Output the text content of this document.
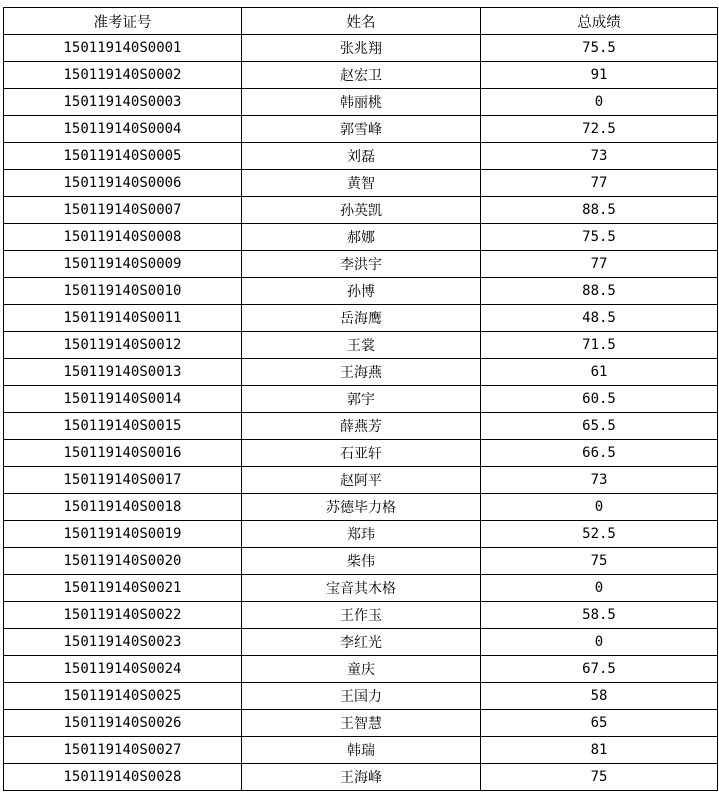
准考证号	姓名	总成绩
150119140S0001	张兆翔	75.5
150119140S0002	赵宏卫	91
150119140S0003	韩丽桃	0
150119140S0004	郭雪峰	72.5
150119140S0005	刘磊	73
150119140S0006	黄智	77
150119140S0007	孙英凯	88.5
150119140S0008	郝娜	75.5
150119140S0009	李洪宇	77
150119140S0010	孙博	88.5
150119140S0011	岳海鹰	48.5
150119140S0012	王裳	71.5
150119140S0013	王海燕	61
150119140S0014	郭宇	60.5
150119140S0015	薛燕芳	65.5
150119140S0016	石亚轩	66.5
150119140S0017	赵阿平	73
150119140S0018	苏德毕力格	0
150119140S0019	郑玮	52.5
150119140S0020	柴伟	75
150119140S0021	宝音其木格	0
150119140S0022	王作玉	58.5
150119140S0023	李红光	0
150119140S0024	童庆	67.5
150119140S0025	王国力	58
150119140S0026	王智慧	65
150119140S0027	韩瑞	81
150119140S0028	王海峰	75
